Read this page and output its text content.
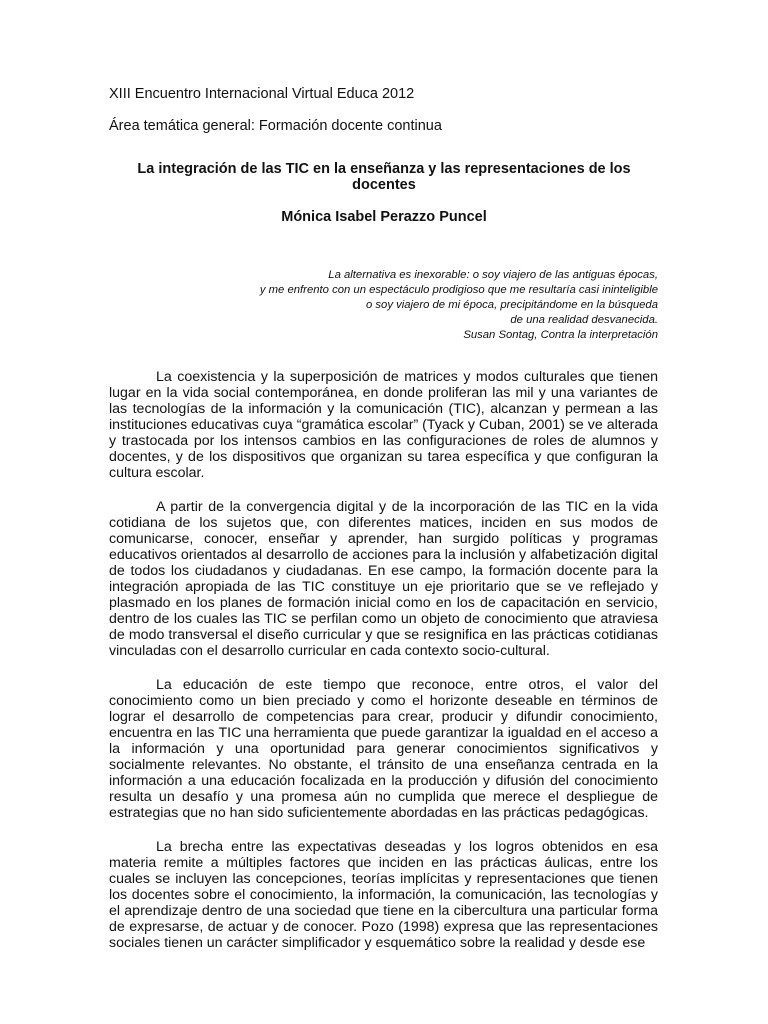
XIII Encuentro Internacional Virtual Educa 2012
Área temática general: Formación docente continua
La integración de las TIC en la enseñanza y las representaciones de los docentes
Mónica Isabel Perazzo Puncel
La alternativa es inexorable: o soy viajero de las antiguas épocas,
y me enfrento con un espectáculo prodigioso que me resultaría casi ininteligible
o soy viajero de mi época, precipitándome en la búsqueda
de una realidad desvanecida.
Susan Sontag, Contra la interpretación

La coexistencia y la superposición de matrices y modos culturales que tienen lugar en la vida social contemporánea, en donde proliferan las mil y una variantes de las tecnologías de la información y la comunicación (TIC), alcanzan y permean a las instituciones educativas cuya “gramática escolar” (Tyack y Cuban, 2001) se ve alterada y trastocada por los intensos cambios en las configuraciones de roles de alumnos y docentes, y de los dispositivos que organizan su tarea específica y que configuran la cultura escolar.

A partir de la convergencia digital y de la incorporación de las TIC en la vida cotidiana de los sujetos que, con diferentes matices, inciden en sus modos de comunicarse, conocer, enseñar y aprender, han surgido políticas y programas educativos orientados al desarrollo de acciones para la inclusión y alfabetización digital de todos los ciudadanos y ciudadanas. En ese campo, la formación docente para la integración apropiada de las TIC constituye un eje prioritario que se ve reflejado y plasmado en los planes de formación inicial como en los de capacitación en servicio, dentro de los cuales las TIC se perfilan como un objeto de conocimiento que atraviesa de modo transversal el diseño curricular y que se resignifica en las prácticas cotidianas vinculadas con el desarrollo curricular en cada contexto socio-cultural.

La educación de este tiempo que reconoce, entre otros, el valor del conocimiento como un bien preciado y como el horizonte deseable en términos de lograr el desarrollo de competencias para crear, producir y difundir conocimiento, encuentra en las TIC una herramienta que puede garantizar la igualdad en el acceso a la información y una oportunidad para generar conocimientos significativos y socialmente relevantes. No obstante, el tránsito de una enseñanza centrada en la información a una educación focalizada en la producción y difusión del conocimiento resulta un desafío y una promesa aún no cumplida que merece el despliegue de estrategias que no han sido suficientemente abordadas en las prácticas pedagógicas.

La brecha entre las expectativas deseadas y los logros obtenidos en esa materia remite a múltiples factores que inciden en las prácticas áulicas, entre los cuales se incluyen las concepciones, teorías implícitas y representaciones que tienen los docentes sobre el conocimiento, la información, la comunicación, las tecnologías y el aprendizaje dentro de una sociedad que tiene en la cibercultura una particular forma de expresarse, de actuar y de conocer. Pozo (1998) expresa que las representaciones sociales tienen un carácter simplificador y esquemático sobre la realidad y desde ese
